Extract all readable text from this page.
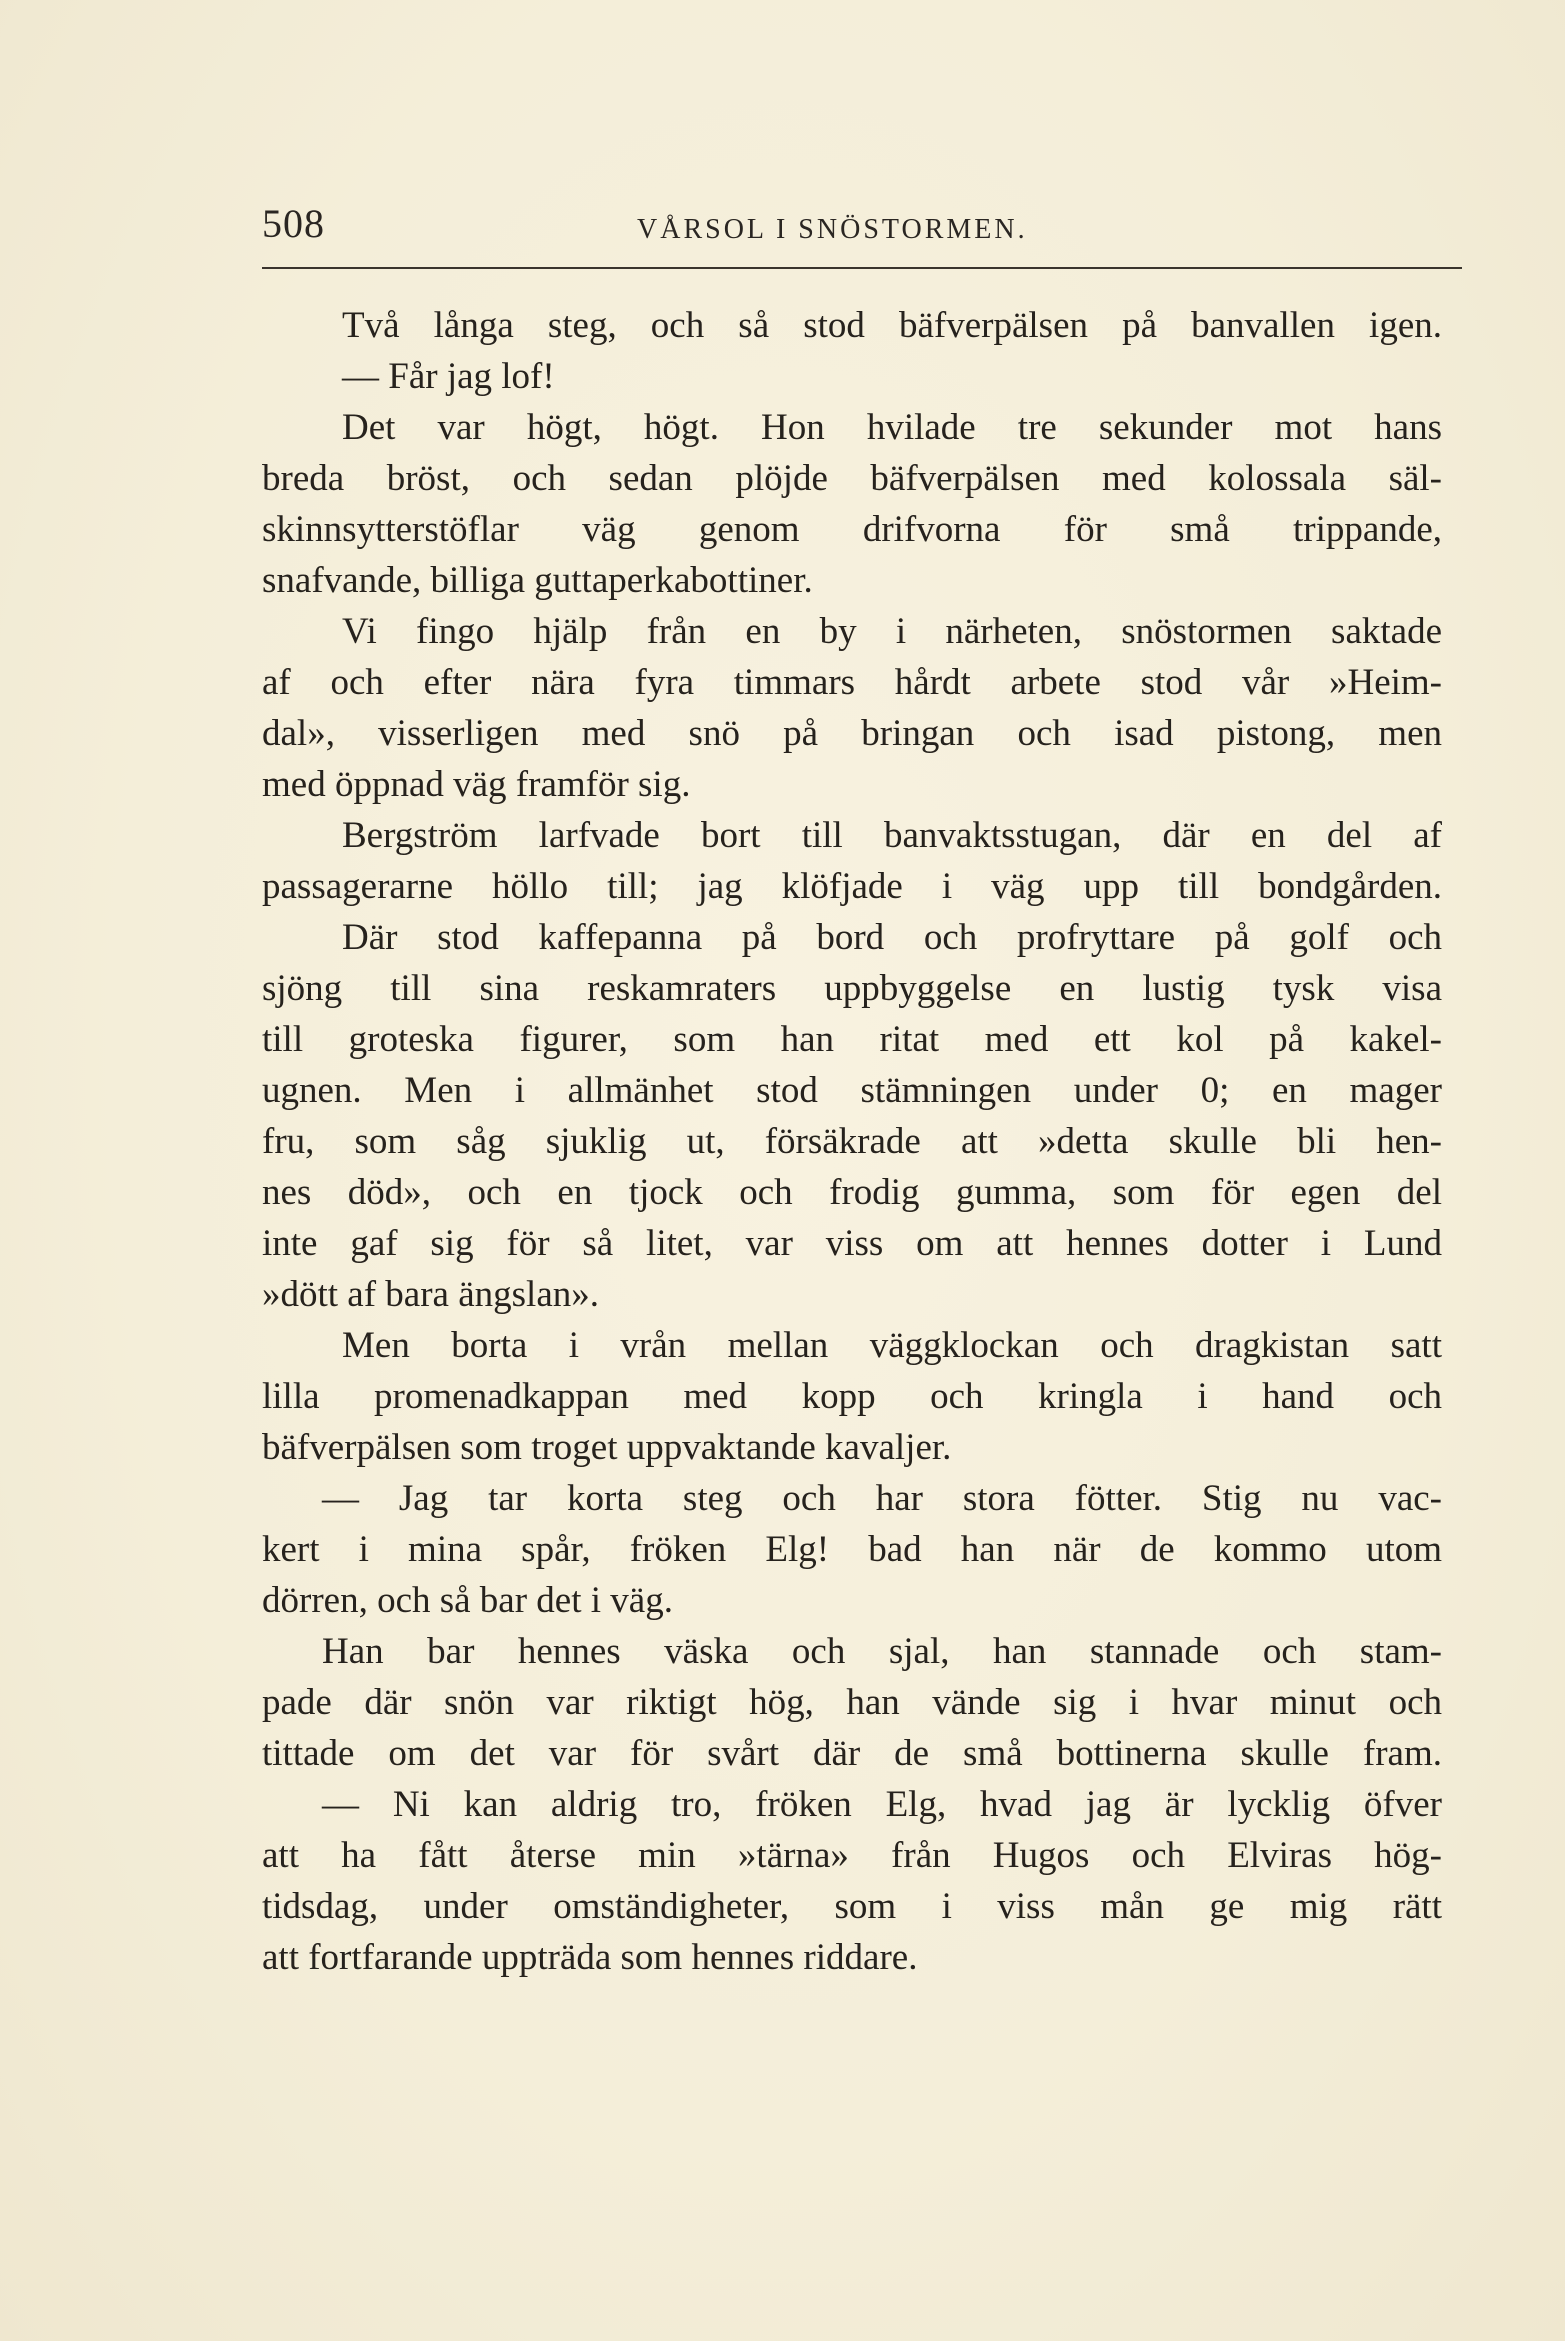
508	VÅRSOL I SNÖSTORMEN.
Två långa steg, och så stod bäfverpälsen på banvallen igen.
— Får jag lof!
Det var högt, högt. Hon hvilade tre sekunder mot hans
breda bröst, och sedan plöjde bäfverpälsen med kolossala säl-
skinnsytterstöflar väg genom drifvorna för små trippande,
snafvande, billiga guttaperkabottiner.
Vi fingo hjälp från en by i närheten, snöstormen saktade
af och efter nära fyra timmars hårdt arbete stod vår »Heim-
dal», visserligen med snö på bringan och isad pistong, men
med öppnad väg framför sig.
Bergström larfvade bort till banvaktsstugan, där en del af
passagerarne höllo till; jag klöfjade i väg upp till bondgården.
Där stod kaffepanna på bord och profryttare på golf och
sjöng till sina reskamraters uppbyggelse en lustig tysk visa
till groteska figurer, som han ritat med ett kol på kakel-
ugnen. Men i allmänhet stod stämningen under 0; en mager
fru, som såg sjuklig ut, försäkrade att »detta skulle bli hen-
nes död», och en tjock och frodig gumma, som för egen del
inte gaf sig för så litet, var viss om att hennes dotter i Lund
»dött af bara ängslan».
Men borta i vrån mellan väggklockan och dragkistan satt
lilla promenadkappan med kopp och kringla i hand och
bäfverpälsen som troget uppvaktande kavaljer.
— Jag tar korta steg och har stora fötter. Stig nu vac-
kert i mina spår, fröken Elg! bad han när de kommo utom
dörren, och så bar det i väg.
Han bar hennes väska och sjal, han stannade och stam-
pade där snön var riktigt hög, han vände sig i hvar minut och
tittade om det var för svårt där de små bottinerna skulle fram.
— Ni kan aldrig tro, fröken Elg, hvad jag är lycklig öfver
att ha fått återse min »tärna» från Hugos och Elviras hög-
tidsdag, under omständigheter, som i viss mån ge mig rätt
att fortfarande uppträda som hennes riddare.
